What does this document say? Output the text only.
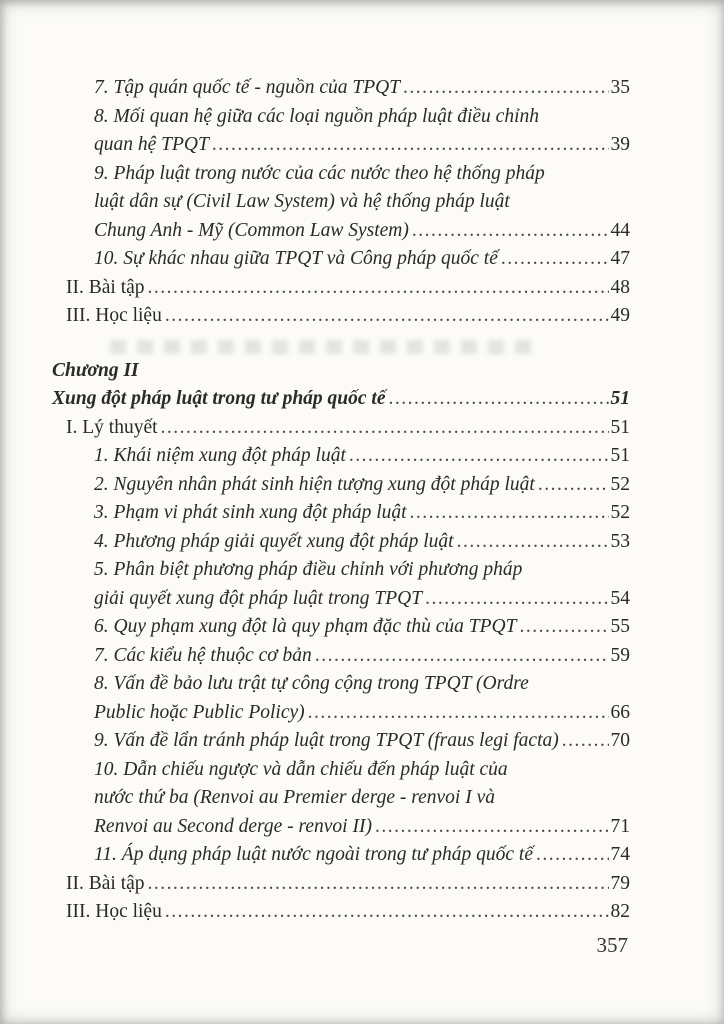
7. Tập quán quốc tế - nguồn của TPQT .....	35
8. Mối quan hệ giữa các loại nguồn pháp luật điều chỉnh
quan hệ TPQT .....	39
9. Pháp luật trong nước của các nước theo hệ thống pháp
luật dân sự (Civil Law System) và hệ thống pháp luật
Chung Anh - Mỹ (Common Law System) .....	44
10. Sự khác nhau giữa TPQT và Công pháp quốc tế .....	47
II. Bài tập .....	48
III. Học liệu .....	49
Chương II
Xung đột pháp luật trong tư pháp quốc tế .....	51
I. Lý thuyết .....	51
1. Khái niệm xung đột pháp luật .....	51
2. Nguyên nhân phát sinh hiện tượng xung đột pháp luật .....	52
3. Phạm vi phát sinh xung đột pháp luật .....	52
4. Phương pháp giải quyết xung đột pháp luật .....	53
5. Phân biệt phương pháp điều chỉnh với phương pháp
giải quyết xung đột pháp luật trong TPQT .....	54
6. Quy phạm xung đột là quy phạm đặc thù của TPQT .....	55
7. Các kiểu hệ thuộc cơ bản .....	59
8. Vấn đề bảo lưu trật tự công cộng trong TPQT (Ordre
Public hoặc Public Policy) .....	66
9. Vấn đề lẩn tránh pháp luật trong TPQT (fraus legi facta) .....	70
10. Dẫn chiếu ngược và dẫn chiếu đến pháp luật của
nước thứ ba (Renvoi au Premier derge - renvoi I và
Renvoi au Second derge - renvoi II) .....	71
11. Áp dụng pháp luật nước ngoài trong tư pháp quốc tế .....	74
II. Bài tập .....	79
III. Học liệu .....	82
357
